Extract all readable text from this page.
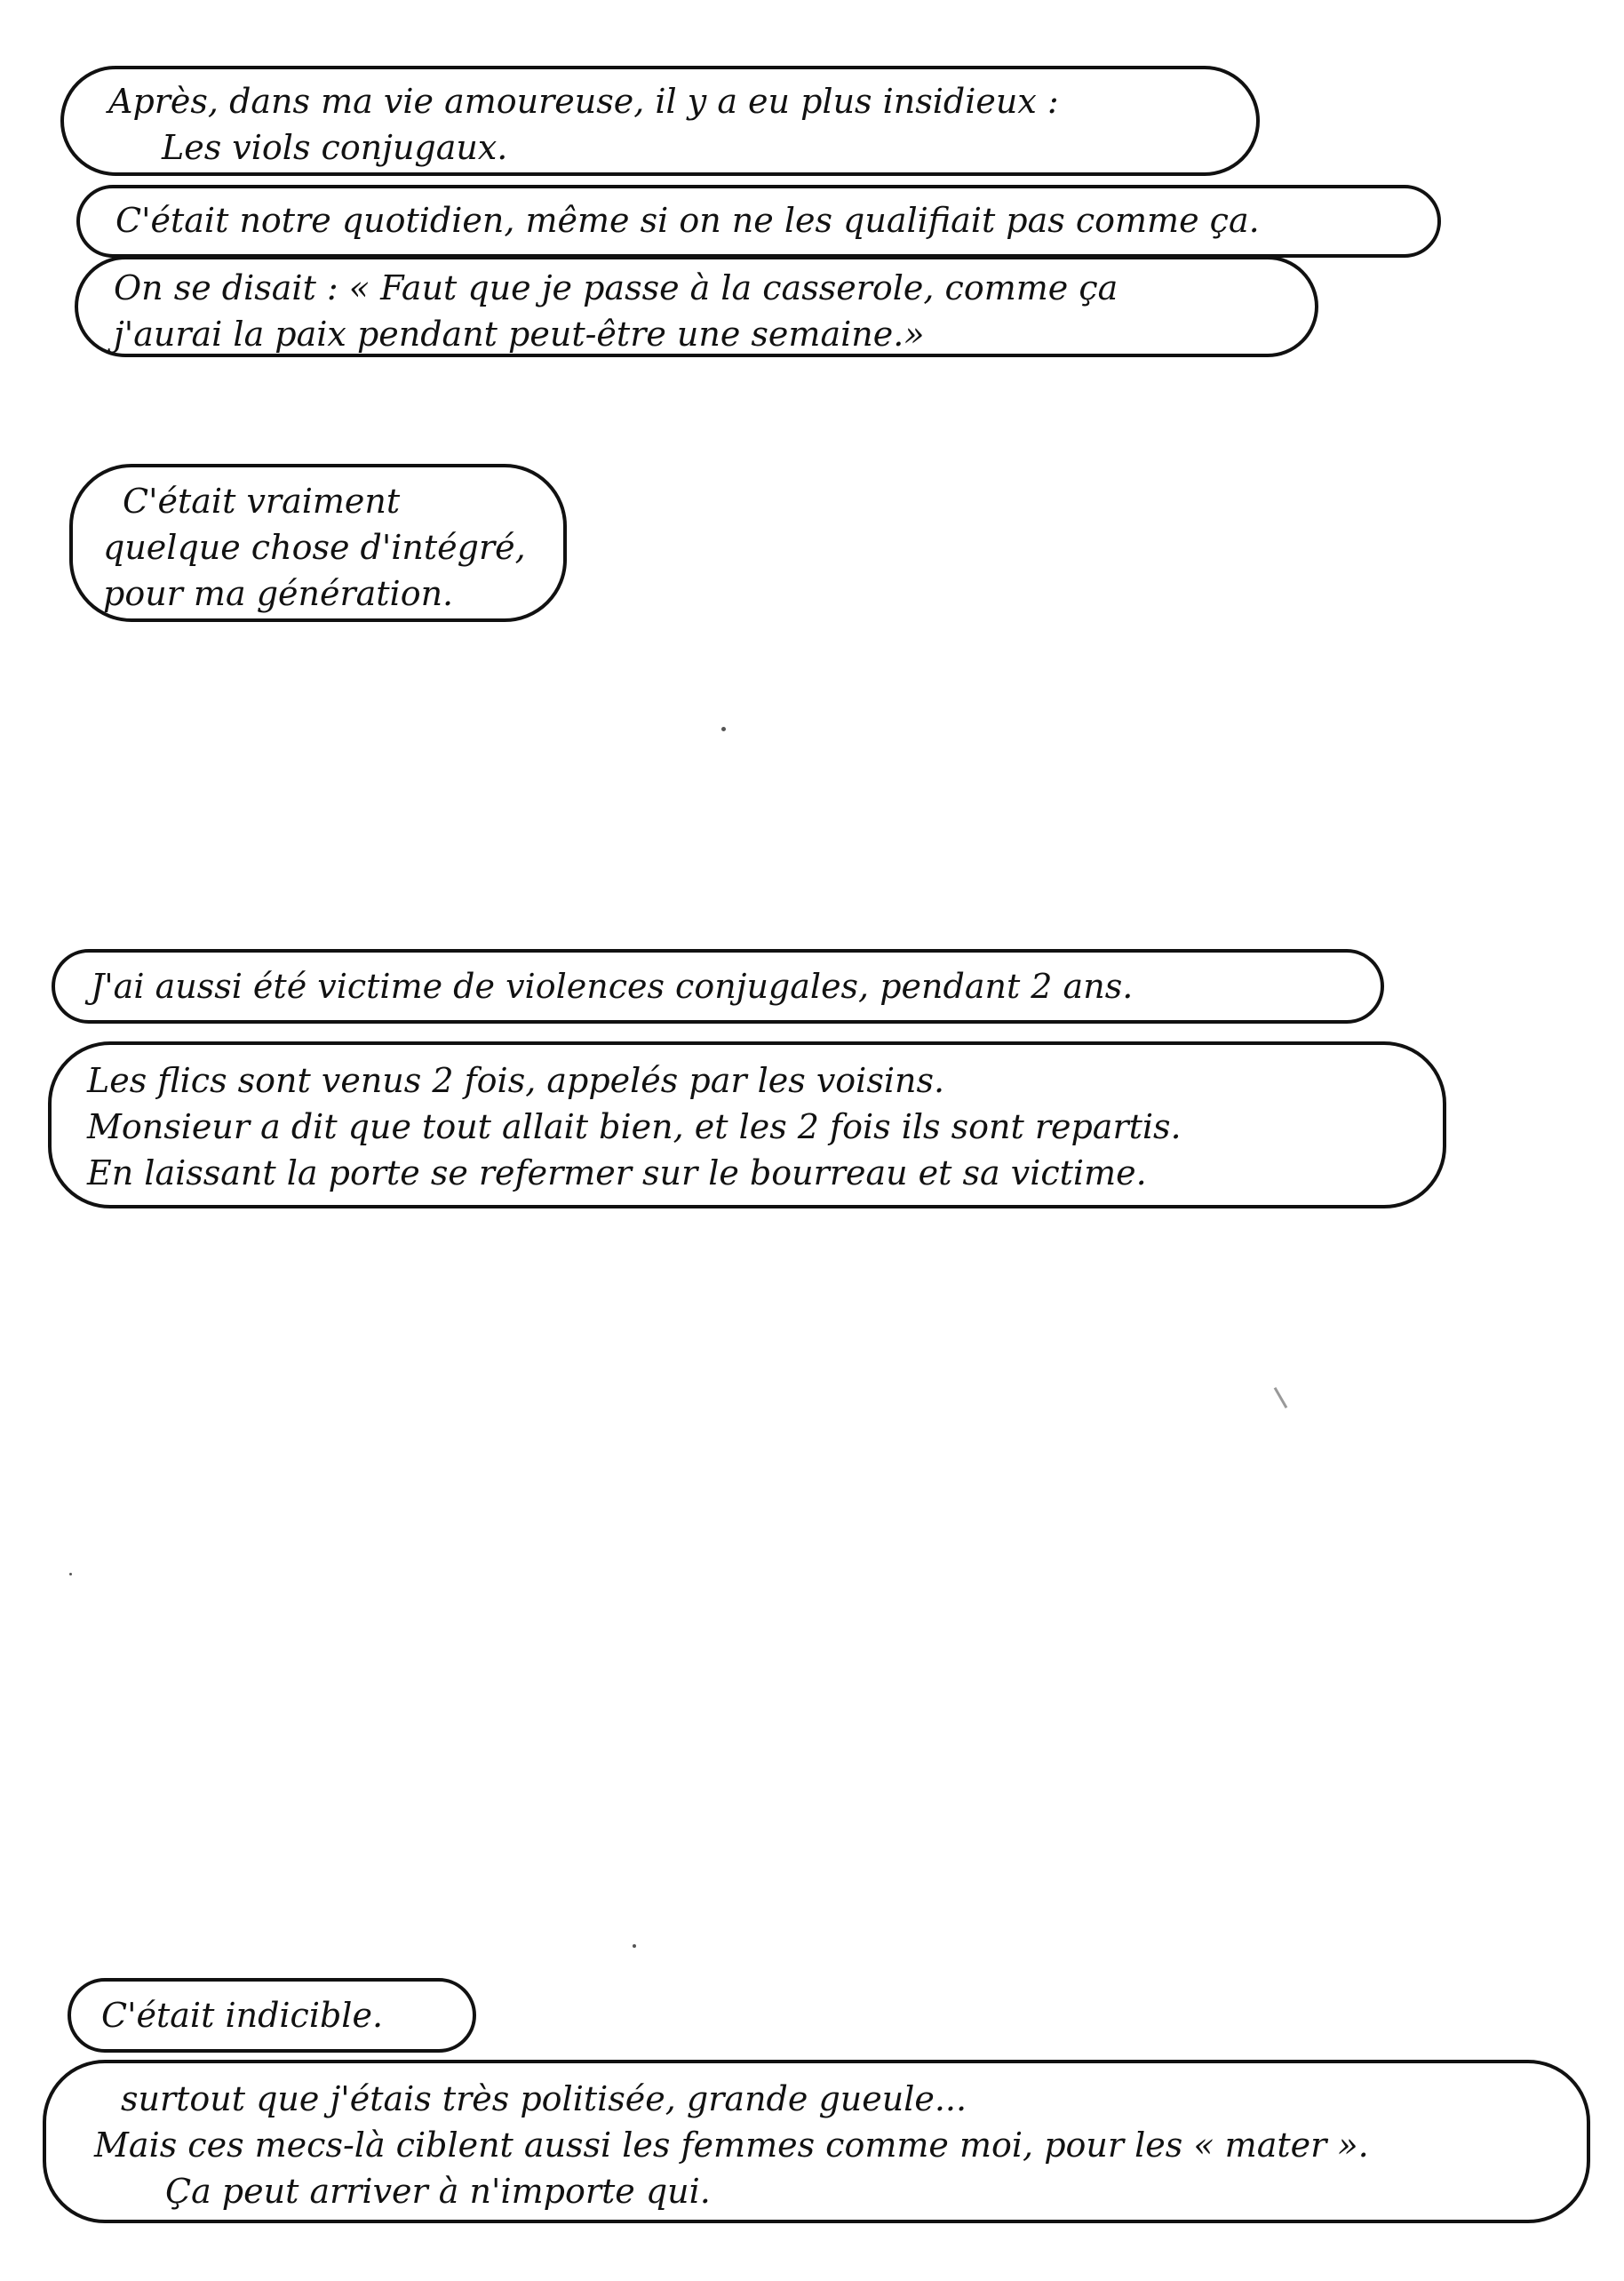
Après, dans ma vie amoureuse, il y a eu plus insidieux :
Les viols conjugaux.
C'était notre quotidien, même si on ne les qualifiait pas comme ça.
On se disait : « Faut que je passe à la casserole, comme ça
j'aurai la paix pendant peut-être une semaine.»
C'était vraiment
quelque chose d'intégré,
pour ma génération.
J'ai aussi été victime de violences conjugales, pendant 2 ans.
Les flics sont venus 2 fois, appelés par les voisins.
Monsieur a dit que tout allait bien, et les 2 fois ils sont repartis.
En laissant la porte se refermer sur le bourreau et sa victime.
C'était indicible.
surtout que j'étais très politisée, grande gueule...
Mais ces mecs-là ciblent aussi les femmes comme moi, pour les « mater ».
Ça peut arriver à n'importe qui.
